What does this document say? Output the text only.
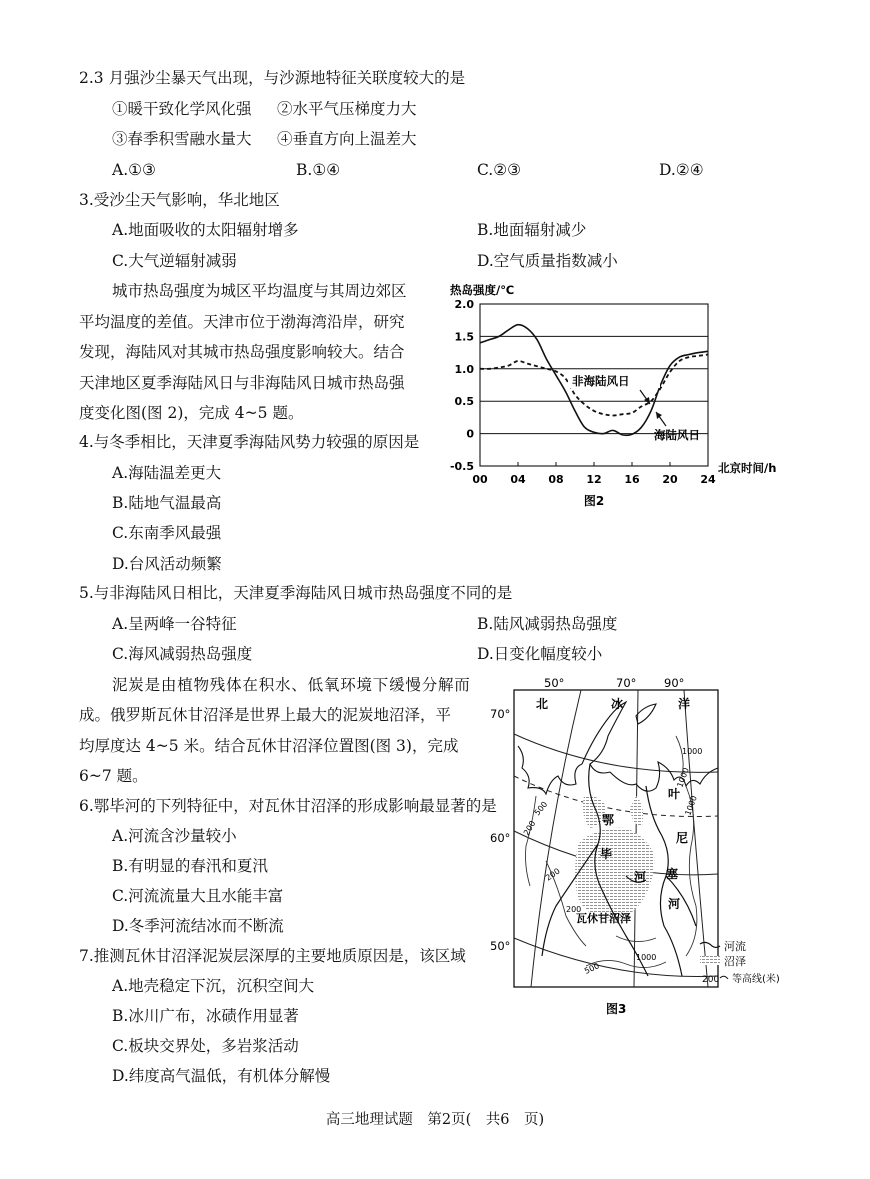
2.3 月强沙尘暴天气出现，与沙源地特征关联度较大的是
①暖干致化学风化强 ②水平气压梯度力大
③春季积雪融水量大 ④垂直方向上温差大
A.①③	B.①④	C.②③	D.②④
3.受沙尘天气影响，华北地区
A.地面吸收的太阳辐射增多	B.地面辐射减少
C.大气逆辐射减弱	D.空气质量指数减小
城市热岛强度为城区平均温度与其周边郊区
平均温度的差值。天津市位于渤海湾沿岸，研究
发现，海陆风对其城市热岛强度影响较大。结合
天津地区夏季海陆风日与非海陆风日城市热岛强
度变化图(图 2)，完成 4~5 题。
2.0
1.5
1.0
0.5
0
-0.5
00 04 08 12 16 20 24
热岛强度/℃
北京时间/h
图2
非海陆风日
海陆风日
4.与冬季相比，天津夏季海陆风势力较强的原因是
A.海陆温差更大
B.陆地气温最高
C.东南季风最强
D.台风活动频繁
5.与非海陆风日相比，天津夏季海陆风日城市热岛强度不同的是
A.呈两峰一谷特征	B.陆风减弱热岛强度
C.海风减弱热岛强度	D.日变化幅度较小
泥炭是由植物残体在积水、低氧环境下缓慢分解而
成。俄罗斯瓦休甘沼泽是世界上最大的泥炭地沼泽，平
均厚度达 4~5 米。结合瓦休甘沼泽位置图(图 3)，完成
6~7 题。
6.鄂毕河的下列特征中，对瓦休甘沼泽的形成影响最显著的是
A.河流含沙量较小
B.有明显的春汛和夏汛
C.河流流量大且水能丰富
D.冬季河流结冰而不断流
7.推测瓦休甘沼泽泥炭层深厚的主要地质原因是，该区域
A.地壳稳定下沉，沉积空间大
B.冰川广布，冰碛作用显著
C.板块交界处，多岩浆活动
D.纬度高气温低，有机体分解慢
50°	70° 90°
70°
60°
50°
北	冰	洋
鄂
毕
河
叶
尼
塞
河
瓦休甘沼泽
200
500
200
1000
200
500
1000
1000
1000
河流
沼泽
200 等高线(米)
图3
高三地理试题　第2页(　共6　页)
